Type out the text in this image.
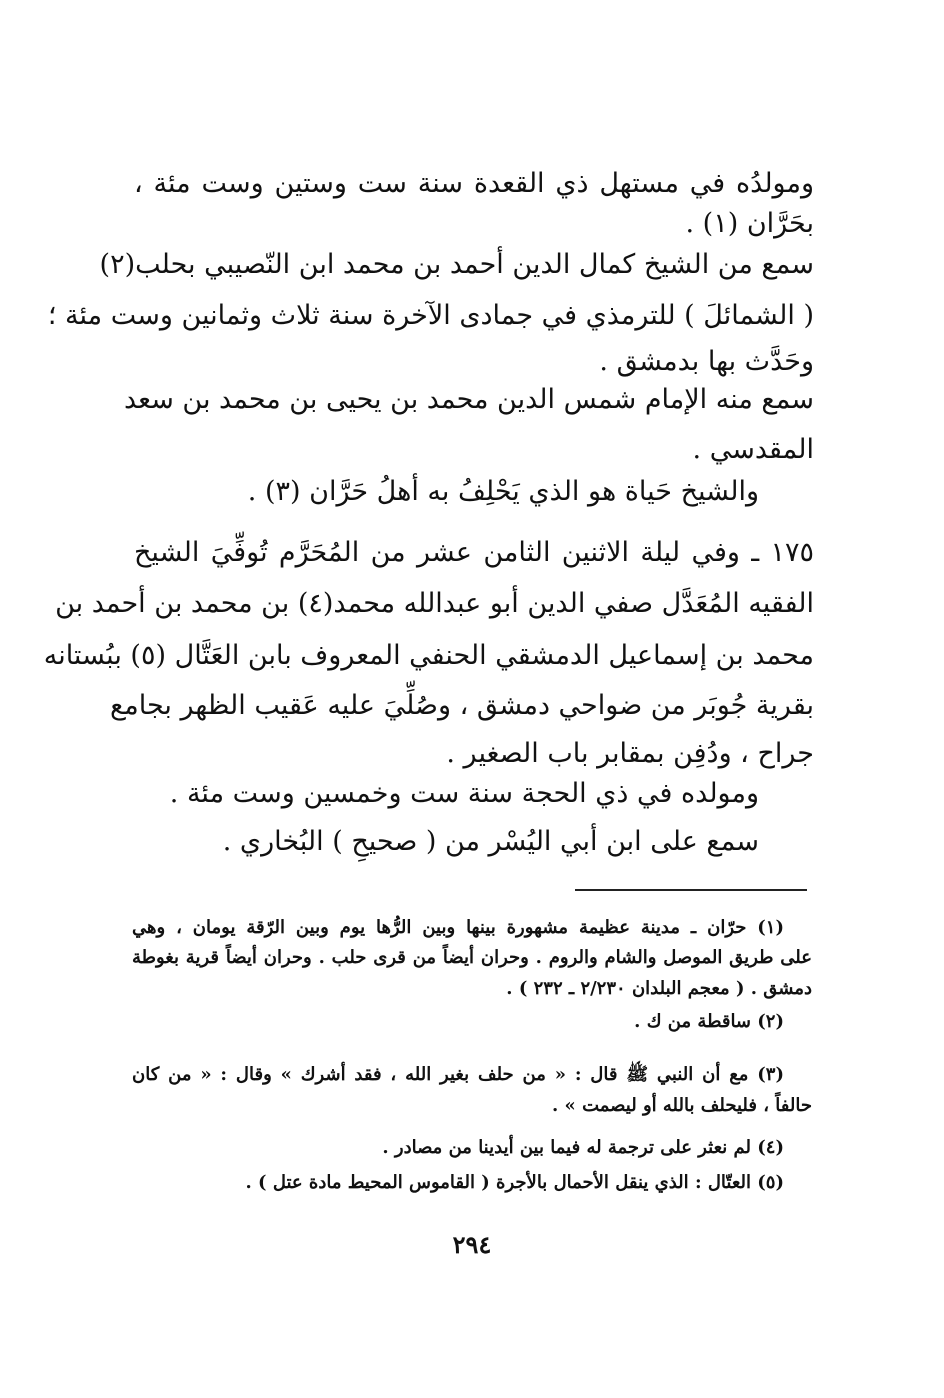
ومولدُه في مستهل ذي القعدة سنة ست وستين وست مئة ،
بحَرَّان (١) .
سمع من الشيخ كمال الدين أحمد بن محمد ابن النّصيبي بحلب(٢)
( الشمائلَ ) للترمذي في جمادى الآخرة سنة ثلاث وثمانين وست مئة ؛
وحَدَّث بها بدمشق .
سمع منه الإمام شمس الدين محمد بن يحيى بن محمد بن سعد
المقدسي .
والشيخ حَياة هو الذي يَحْلِفُ به أهلُ حَرَّان (٣) .
١٧٥ ـ وفي ليلة الاثنين الثامن عشر من المُحَرَّم تُوفِّيَ الشيخ
الفقيه المُعَدَّل صفي الدين أبو عبدالله محمد(٤) بن محمد بن أحمد بن
محمد بن إسماعيل الدمشقي الحنفي المعروف بابن العَتَّال (٥) ببُستانه
بقرية جُوبَر من ضواحي دمشق ، وصُلِّيَ عليه عَقيب الظهر بجامع
جراح ، ودُفِن بمقابر باب الصغير .
ومولده في ذي الحجة سنة ست وخمسين وست مئة .
سمع على ابن أبي اليُسْر من ( صحيحِ ) البُخاري .
(١) حرّان ـ مدينة عظيمة مشهورة بينها وبين الرُّها يوم وبين الرّقة يومان ، وهي
على طريق الموصل والشام والروم . وحران أيضاً من قرى حلب . وحران أيضاً قرية بغوطة
دمشق . ( معجم البلدان ٢/٢٣٠ ـ ٢٣٢ ) .
(٢) ساقطة من ك .
(٣) مع أن النبي ﷺ قال : « من حلف بغير الله ، فقد أشرك » وقال : « من كان
حالفاً ، فليحلف بالله أو ليصمت » .
(٤) لم نعثر على ترجمة له فيما بين أيدينا من مصادر .
(٥) العتّال : الذي ينقل الأحمال بالأجرة ( القاموس المحيط مادة عتل ) .
٢٩٤
